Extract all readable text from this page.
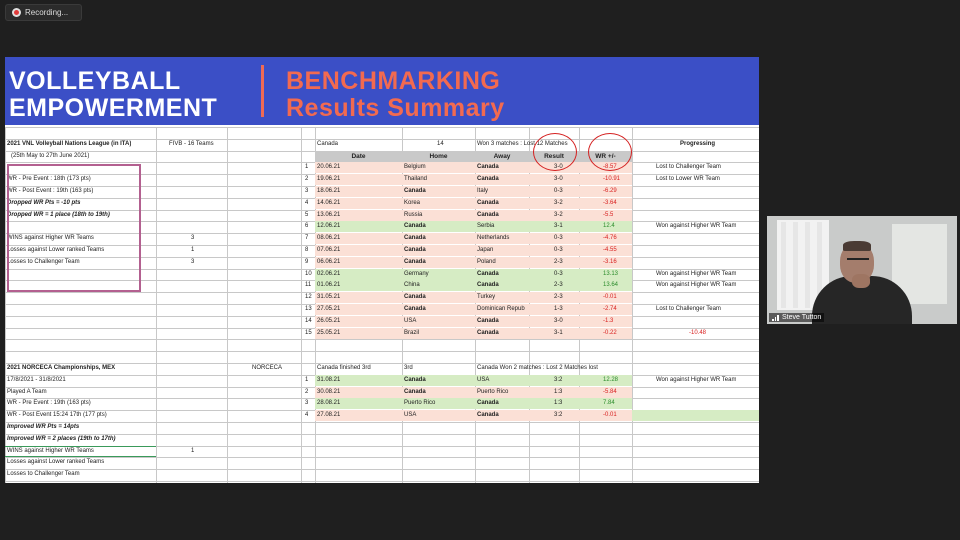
Recording...
VOLLEYBALL
EMPOWERMENT
BENCHMARKING
Results Summary
2021 VNL Volleyball Nations League (in ITA)	FIVB - 16 Teams
(25th May to 27th June 2021)
WR - Pre Event : 18th (173 pts)
WR - Post Event : 19th (163 pts)
Dropped WR Pts = -10 pts
Dropped WR = 1 place (18th to 19th)
WINS against Higher WR Teams	3
Losses against Lower ranked Teams	1
Losses to Challenger Team	3
2021 NORCECA Championships, MEX	NORCECA
17/8/2021 - 31/8/2021
Played A Team
WR - Pre Event : 19th (163 pts)
WR - Post Event 15:24 17th (177 pts)
Improved WR Pts = 14pts
Improved WR = 2 places (19th to 17th)
WINS against Higher WR Teams	1
Losses against Lower ranked Teams
Losses to Challenger Team
Canada	14	Won 3 matches : Lost 12 Matches	Progressing
Date	Home	Away	Result	WR +/-
1 20.06.21	Belgium	Canada	3-0	-8.57	Lost to Challenger Team
2 19.06.21	Thailand	Canada	3-0	-10.91	Lost to Lower WR Team
3 18.06.21	Canada	Italy	0-3	-6.29
4 14.06.21	Korea	Canada	3-2	-3.64
5 13.06.21	Russia	Canada	3-2	-5.5
6 12.06.21	Canada	Serbia	3-1	12.4	Won against Higher WR Team
7 08.06.21	Canada	Netherlands	0-3	-4.76
8 07.06.21	Canada	Japan	0-3	-4.55
9 06.06.21	Canada	Poland	2-3	-3.16
10 02.06.21	Germany	Canada	0-3	13.13	Won against Higher WR Team
11 01.06.21	China	Canada	2-3	13.64	Won against Higher WR Team
12 31.05.21	Canada	Turkey	2-3	-0.01
13 27.05.21	Canada	Dominican Repub	1-3	-2.74	Lost to Challenger Team
14 26.05.21	USA	Canada	3-0	-1.3
15 25.05.21	Brazil	Canada	3-1	-0.22	-10.48
Canada finished 3rd	3rd	Canada Won 2 matches : Lost 2 Matches lost
1 31.08.21	Canada	USA	3:2	12.28	Won against Higher WR Team
2 30.08.21	Canada	Puerto Rico	1:3	-5.84
3 28.08.21	Puerto Rico	Canada	1:3	7.84
4 27.08.21	USA	Canada	3:2	-0.01
Steve Tutton
